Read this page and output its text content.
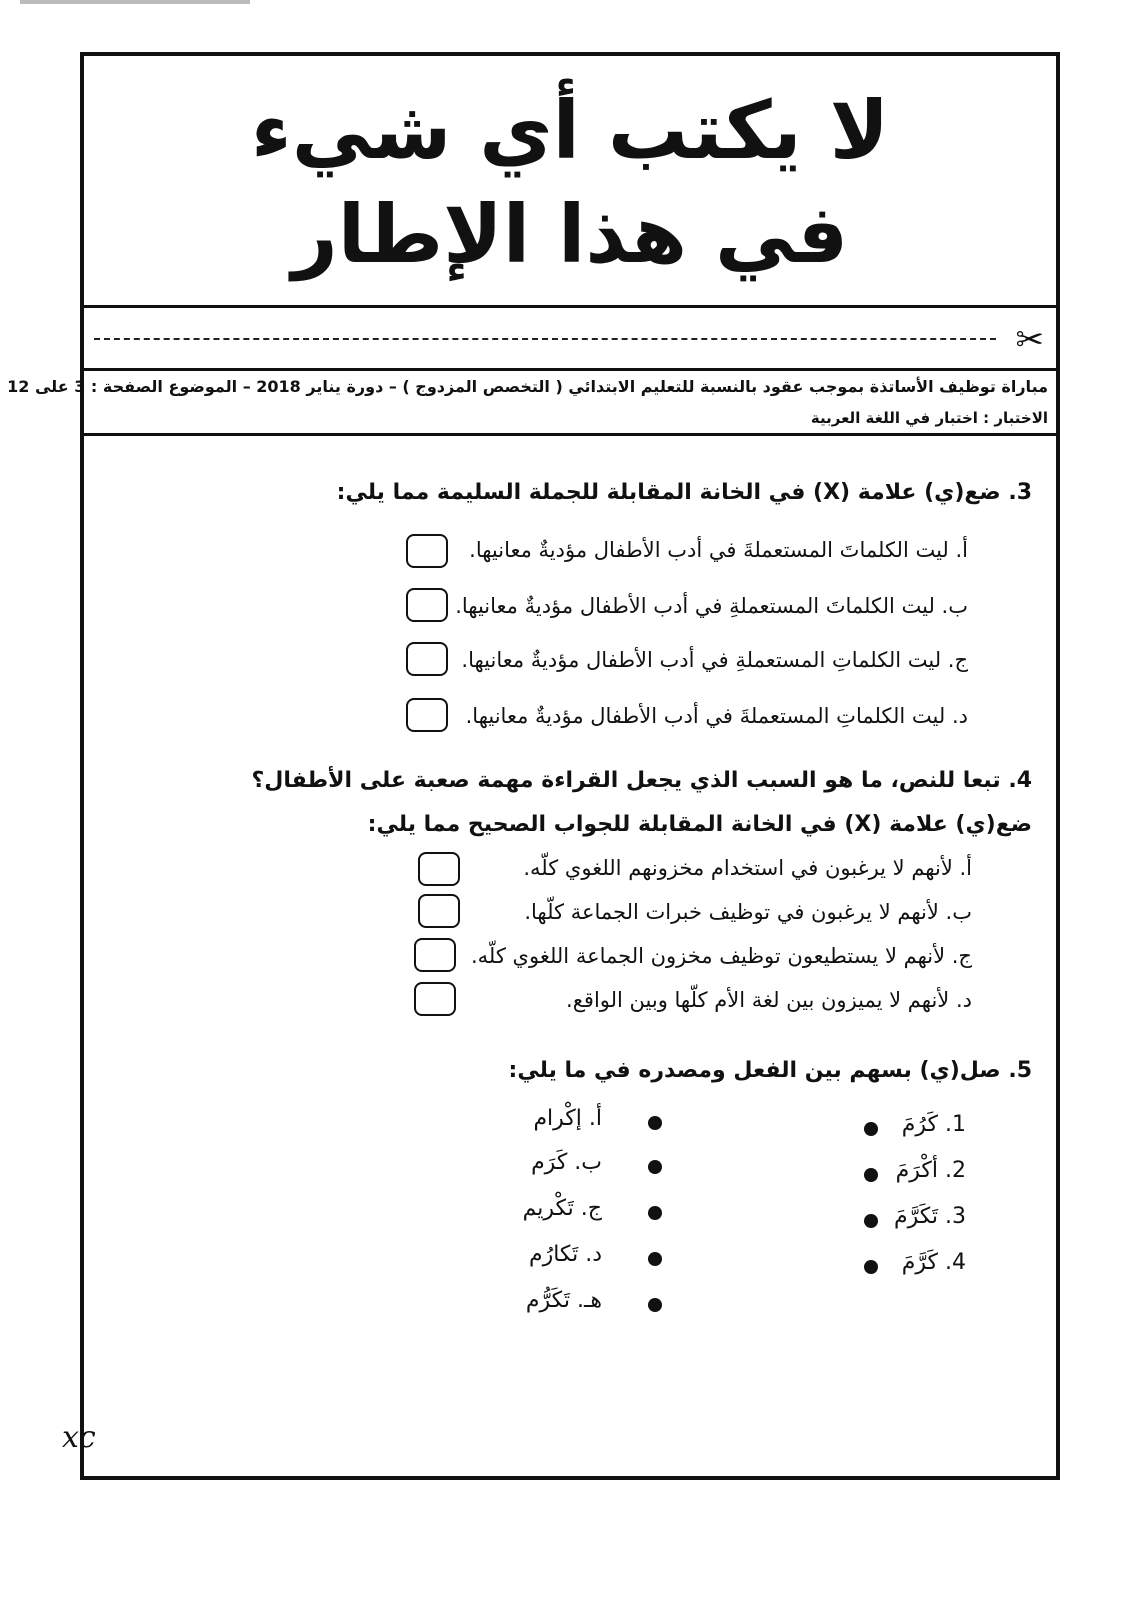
لا يكتب أي شيء
في هذا الإطار
✂
مباراة توظيف الأساتذة بموجب عقود بالنسبة للتعليم الابتدائي ( التخصص المزدوج ) – دورة يناير 2018 – الموضوع الصفحة : 3 على 12
الاختبار : اختبار في اللغة العربية
3. ضع(ي) علامة (X) في الخانة المقابلة للجملة السليمة مما يلي:
أ. ليت الكلماتَ المستعملةَ في أدب الأطفال مؤديةٌ معانيها.
ب. ليت الكلماتَ المستعملةِ في أدب الأطفال مؤديةٌ معانيها.
ج. ليت الكلماتِ المستعملةِ في أدب الأطفال مؤديةٌ معانيها.
د. ليت الكلماتِ المستعملةَ في أدب الأطفال مؤديةٌ معانيها.
4. تبعا للنص، ما هو السبب الذي يجعل القراءة مهمة صعبة على الأطفال؟
ضع(ي) علامة (X) في الخانة المقابلة للجواب الصحيح مما يلي:
أ. لأنهم لا يرغبون في استخدام مخزونهم اللغوي كلّه.
ب. لأنهم لا يرغبون في توظيف خبرات الجماعة كلّها.
ج. لأنهم لا يستطيعون توظيف مخزون الجماعة اللغوي كلّه.
د. لأنهم لا يميزون بين لغة الأم كلّها وبين الواقع.
5. صل(ي) بسهم بين الفعل ومصدره في ما يلي:
1. كَرُمَ
2. أكْرَمَ
3. تَكَرَّمَ
4. كَرَّمَ
أ. إكْرام
ب. كَرَم
ج. تَكْريم
د. تَكارُم
هـ. تَكَرُّم
xc
